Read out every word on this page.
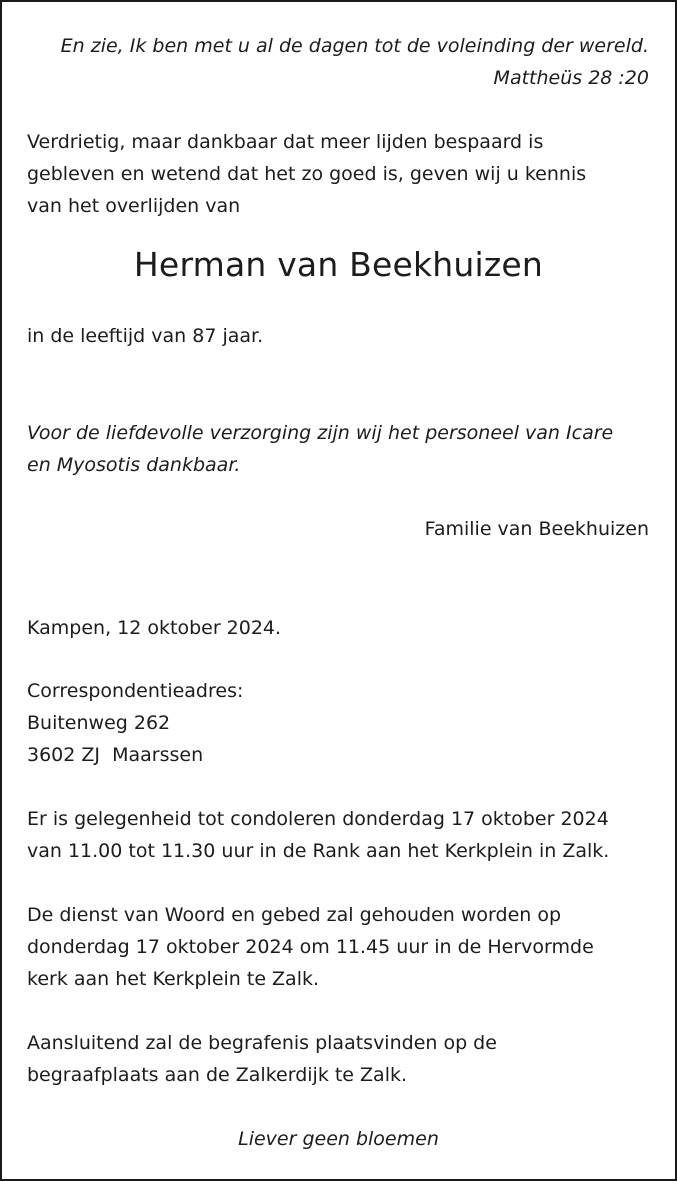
En zie, Ik ben met u al de dagen tot de voleinding der wereld.
Mattheüs 28 :20
Verdrietig, maar dankbaar dat meer lijden bespaard is
gebleven en wetend dat het zo goed is, geven wij u kennis
van het overlijden van
Herman van Beekhuizen
in de leeftijd van 87 jaar.
Voor de liefdevolle verzorging zijn wij het personeel van Icare
en Myosotis dankbaar.
Familie van Beekhuizen
Kampen, 12 oktober 2024.
Correspondentieadres:
Buitenweg 262
3602 ZJ  Maarssen
Er is gelegenheid tot condoleren donderdag 17 oktober 2024
van 11.00 tot 11.30 uur in de Rank aan het Kerkplein in Zalk.
De dienst van Woord en gebed zal gehouden worden op
donderdag 17 oktober 2024 om 11.45 uur in de Hervormde
kerk aan het Kerkplein te Zalk.
Aansluitend zal de begrafenis plaatsvinden op de
begraafplaats aan de Zalkerdijk te Zalk.
Liever geen bloemen
